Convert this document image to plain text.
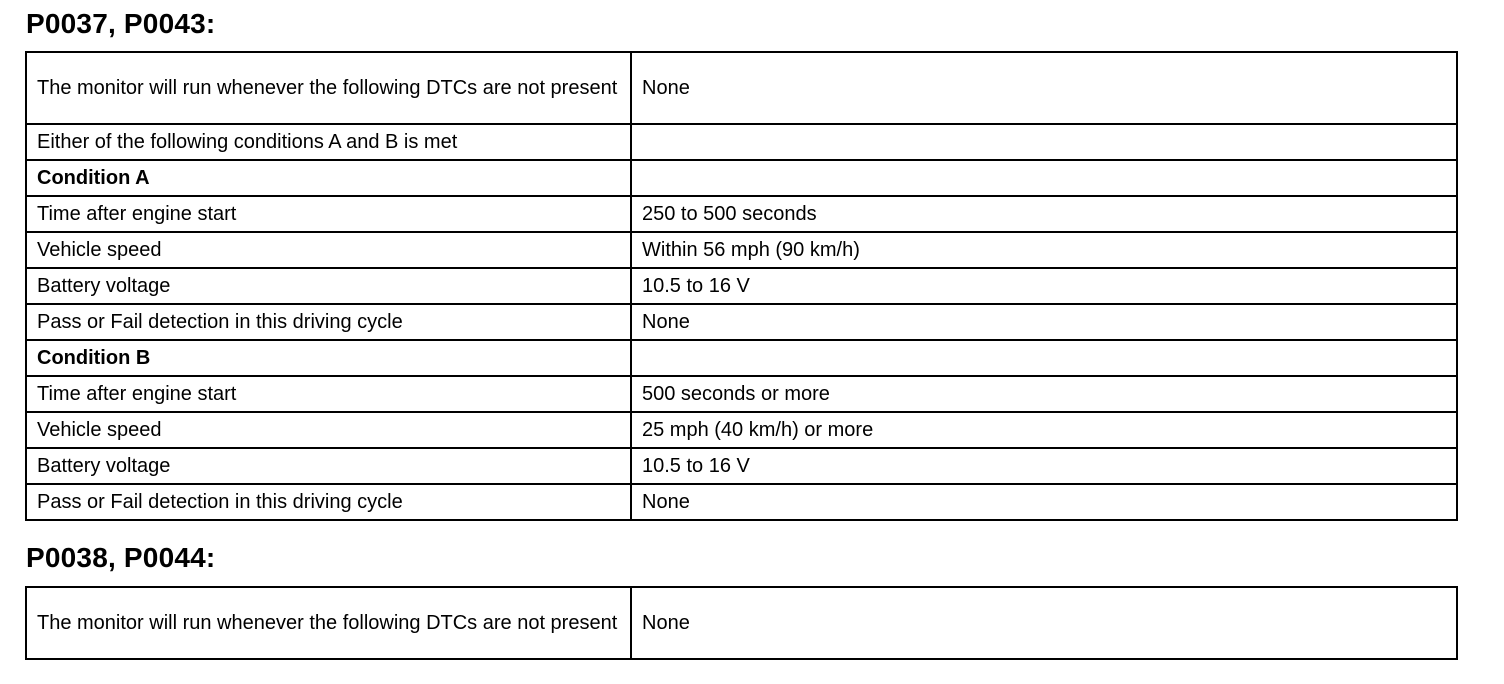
P0037, P0043:
The monitor will run whenever the following DTCs are not present	None
Either of the following conditions A and B is met	
Condition A	
Time after engine start	250 to 500 seconds
Vehicle speed	Within 56 mph (90 km/h)
Battery voltage	10.5 to 16 V
Pass or Fail detection in this driving cycle	None
Condition B	
Time after engine start	500 seconds or more
Vehicle speed	25 mph (40 km/h) or more
Battery voltage	10.5 to 16 V
Pass or Fail detection in this driving cycle	None
P0038, P0044:
The monitor will run whenever the following DTCs are not present	None
